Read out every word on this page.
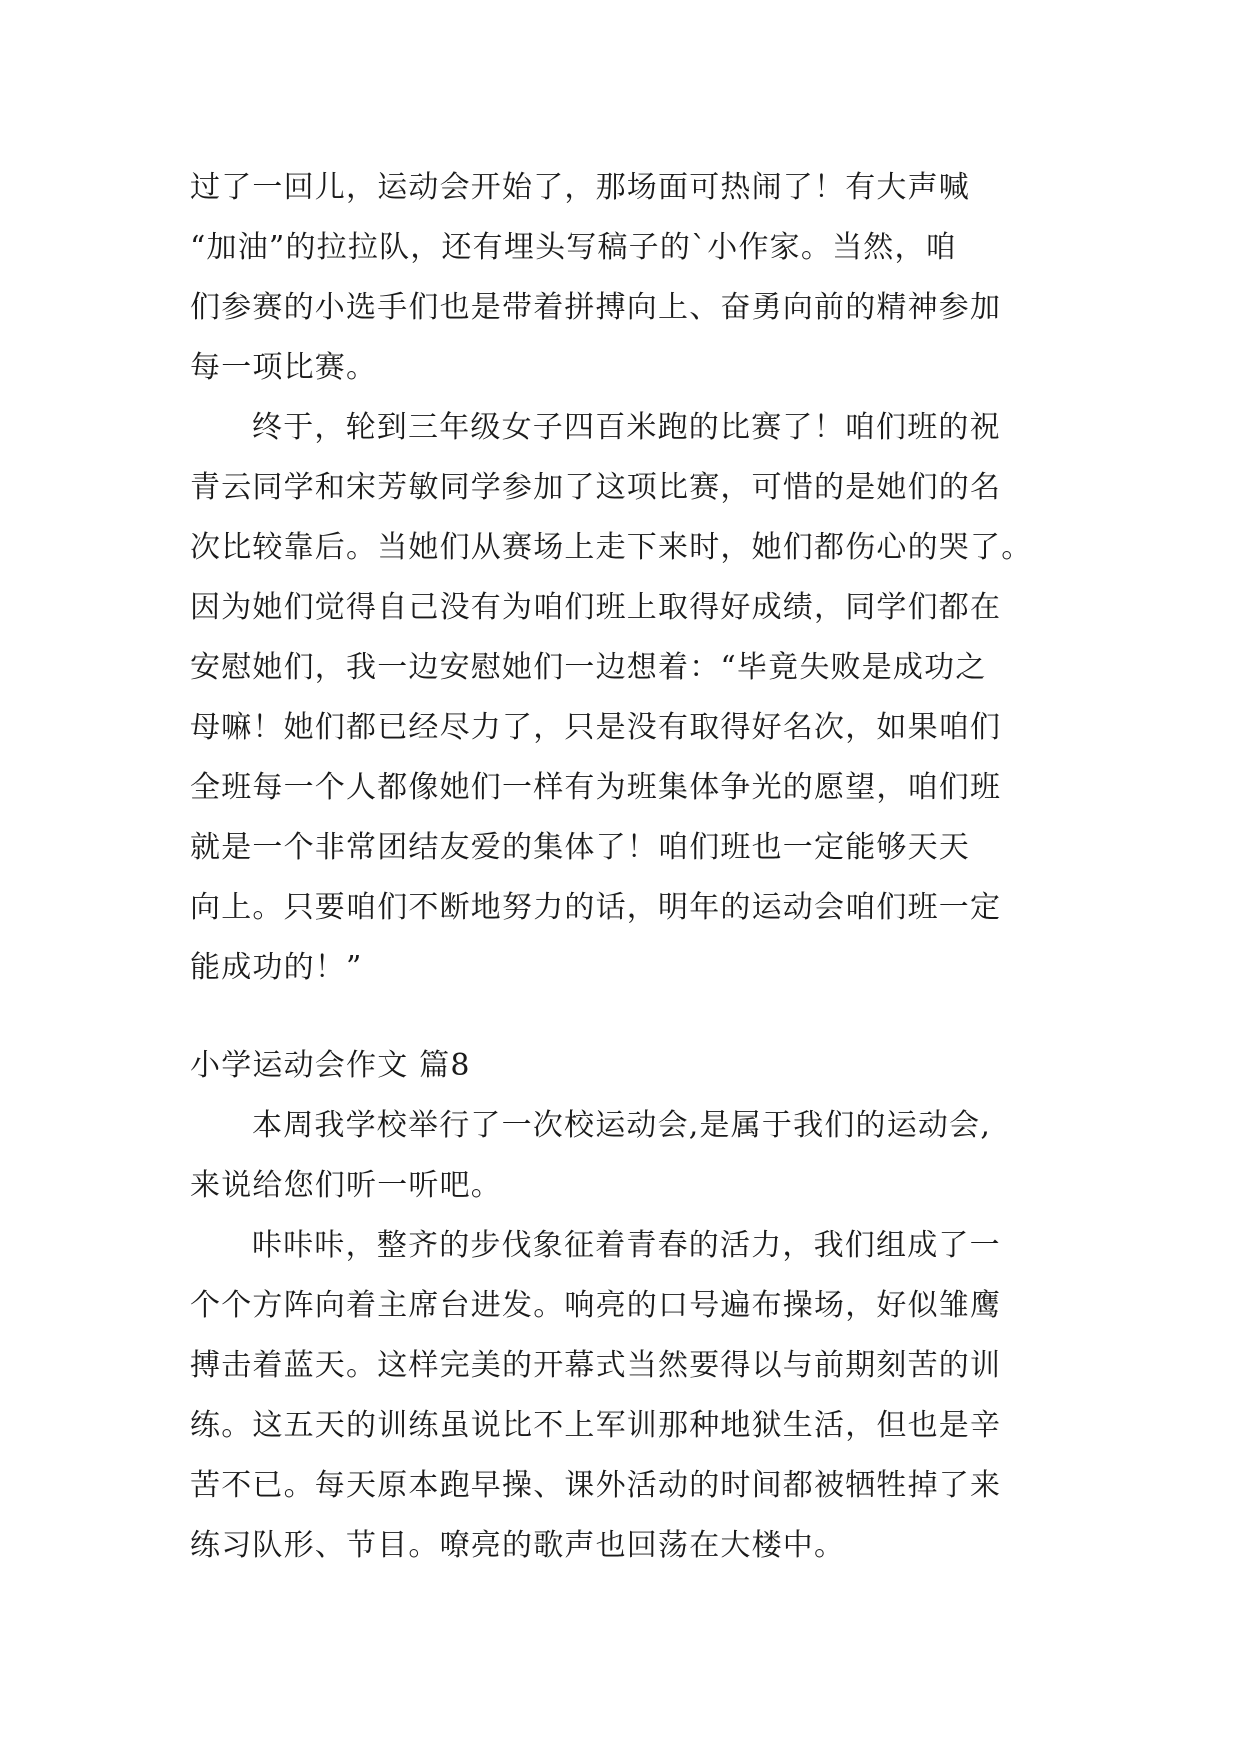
过了一回儿，运动会开始了，那场面可热闹了！有大声喊
“加油”的拉拉队，还有埋头写稿子的`小作家。当然，咱
们参赛的小选手们也是带着拼搏向上、奋勇向前的精神参加
每一项比赛。
终于，轮到三年级女子四百米跑的比赛了！咱们班的祝
青云同学和宋芳敏同学参加了这项比赛，可惜的是她们的名
次比较靠后。当她们从赛场上走下来时，她们都伤心的哭了。
因为她们觉得自己没有为咱们班上取得好成绩，同学们都在
安慰她们，我一边安慰她们一边想着：“毕竟失败是成功之
母嘛！她们都已经尽力了，只是没有取得好名次，如果咱们
全班每一个人都像她们一样有为班集体争光的愿望，咱们班
就是一个非常团结友爱的集体了！咱们班也一定能够天天
向上。只要咱们不断地努力的话，明年的运动会咱们班一定
能成功的！”
小学运动会作文 篇8
本周我学校举行了一次校运动会,是属于我们的运动会,
来说给您们听一听吧。
咔咔咔，整齐的步伐象征着青春的活力，我们组成了一
个个方阵向着主席台进发。响亮的口号遍布操场，好似雏鹰
搏击着蓝天。这样完美的开幕式当然要得以与前期刻苦的训
练。这五天的训练虽说比不上军训那种地狱生活，但也是辛
苦不已。每天原本跑早操、课外活动的时间都被牺牲掉了来
练习队形、节目。嘹亮的歌声也回荡在大楼中。
